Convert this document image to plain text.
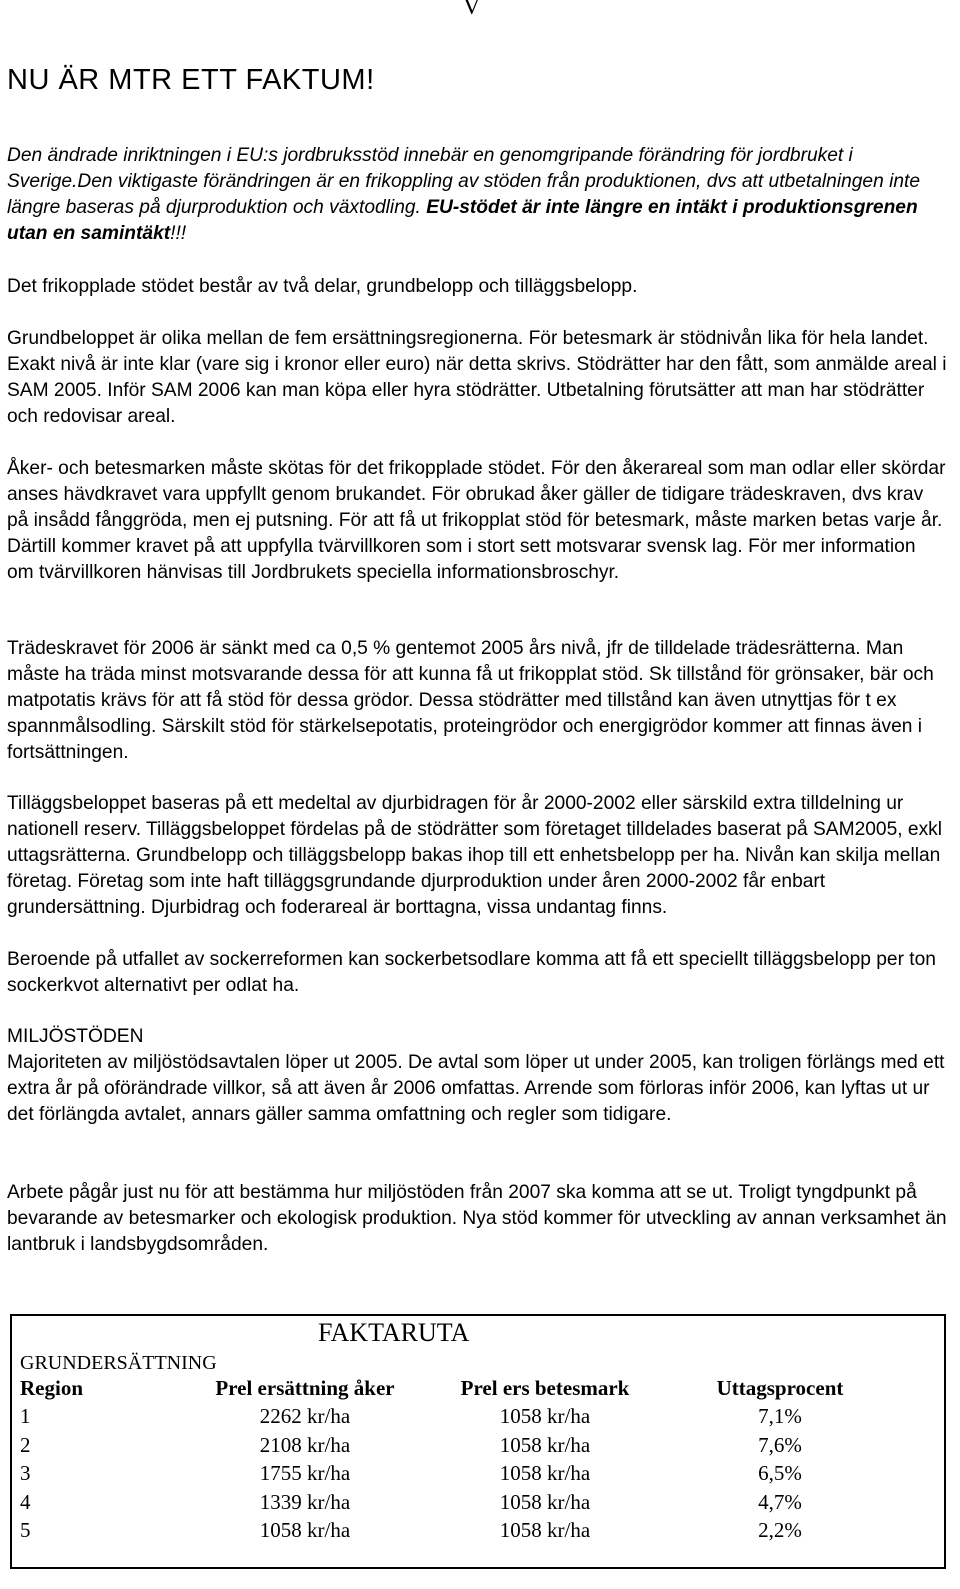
V
NU ÄR MTR ETT FAKTUM!

Den ändrade inriktningen i EU:s jordbruksstöd innebär en genomgripande förändring för jordbruket i Sverige.Den viktigaste förändringen är en frikoppling av stöden från produktionen, dvs att utbetalningen inte längre baseras på djurproduktion och växtodling. EU-stödet är inte längre en intäkt i produktionsgrenen utan en samintäkt!!!

Det frikopplade stödet består av två delar, grundbelopp och tilläggsbelopp.

Grundbeloppet är olika mellan de fem ersättningsregionerna. För betesmark är stödnivån lika för hela landet. Exakt nivå är inte klar (vare sig i kronor eller euro) när detta skrivs. Stödrätter har den fått, som anmälde areal i SAM 2005. Inför SAM 2006 kan man köpa eller hyra stödrätter. Utbetalning förutsätter att man har stödrätter och redovisar areal.

Åker- och betesmarken måste skötas för det frikopplade stödet. För den åkerareal som man odlar eller skördar anses hävdkravet vara uppfyllt genom brukandet. För obrukad åker gäller de tidigare trädeskraven, dvs krav på insådd fånggröda, men ej putsning. För att få ut frikopplat stöd för betesmark, måste marken betas varje år. Därtill kommer kravet på att uppfylla tvärvillkoren som i stort sett motsvarar svensk lag. För mer information om tvärvillkoren hänvisas till Jordbrukets speciella informationsbroschyr.

Trädeskravet för 2006 är sänkt med ca 0,5 % gentemot 2005 års nivå, jfr de tilldelade trädesrätterna. Man måste ha träda minst motsvarande dessa för att kunna få ut frikopplat stöd. Sk tillstånd för grönsaker, bär och matpotatis krävs för att få stöd för dessa grödor. Dessa stödrätter med tillstånd kan även utnyttjas för t ex spannmålsodling. Särskilt stöd för stärkelsepotatis, proteingrödor och energigrödor kommer att finnas även i fortsättningen.

Tilläggsbeloppet baseras på ett medeltal av djurbidragen för år 2000-2002 eller särskild extra tilldelning ur nationell reserv. Tilläggsbeloppet fördelas på de stödrätter som företaget tilldelades baserat på SAM2005, exkl uttagsrätterna. Grundbelopp och tilläggsbelopp bakas ihop till ett enhetsbelopp per ha. Nivån kan skilja mellan företag. Företag som inte haft tilläggsgrundande djurproduktion under åren 2000-2002 får enbart grundersättning. Djurbidrag och foderareal är borttagna, vissa undantag finns.

Beroende på utfallet av sockerreformen kan sockerbetsodlare komma att få ett speciellt tilläggsbelopp per ton sockerkvot alternativt per odlat ha.

MILJÖSTÖDEN

Majoriteten av miljöstödsavtalen löper ut 2005. De avtal som löper ut under 2005, kan troligen förlängs med ett extra år på oförändrade villkor, så att även år 2006 omfattas. Arrende som förloras inför 2006, kan lyftas ut ur det förlängda avtalet, annars gäller samma omfattning och regler som tidigare.

Arbete pågår just nu för att bestämma hur miljöstöden från 2007 ska komma att se ut. Troligt tyngdpunkt på bevarande av betesmarker och ekologisk produktion. Nya stöd kommer för utveckling av annan verksamhet än lantbruk i landsbygdsområden.

FAKTARUTA
GRUNDERSÄTTNING
Region	Prel ersättning åker	Prel ers betesmark	Uttagsprocent
1	2262 kr/ha	1058 kr/ha	7,1%
2	2108 kr/ha	1058 kr/ha	7,6%
3	1755 kr/ha	1058 kr/ha	6,5%
4	1339 kr/ha	1058 kr/ha	4,7%
5	1058 kr/ha	1058 kr/ha	2,2%
